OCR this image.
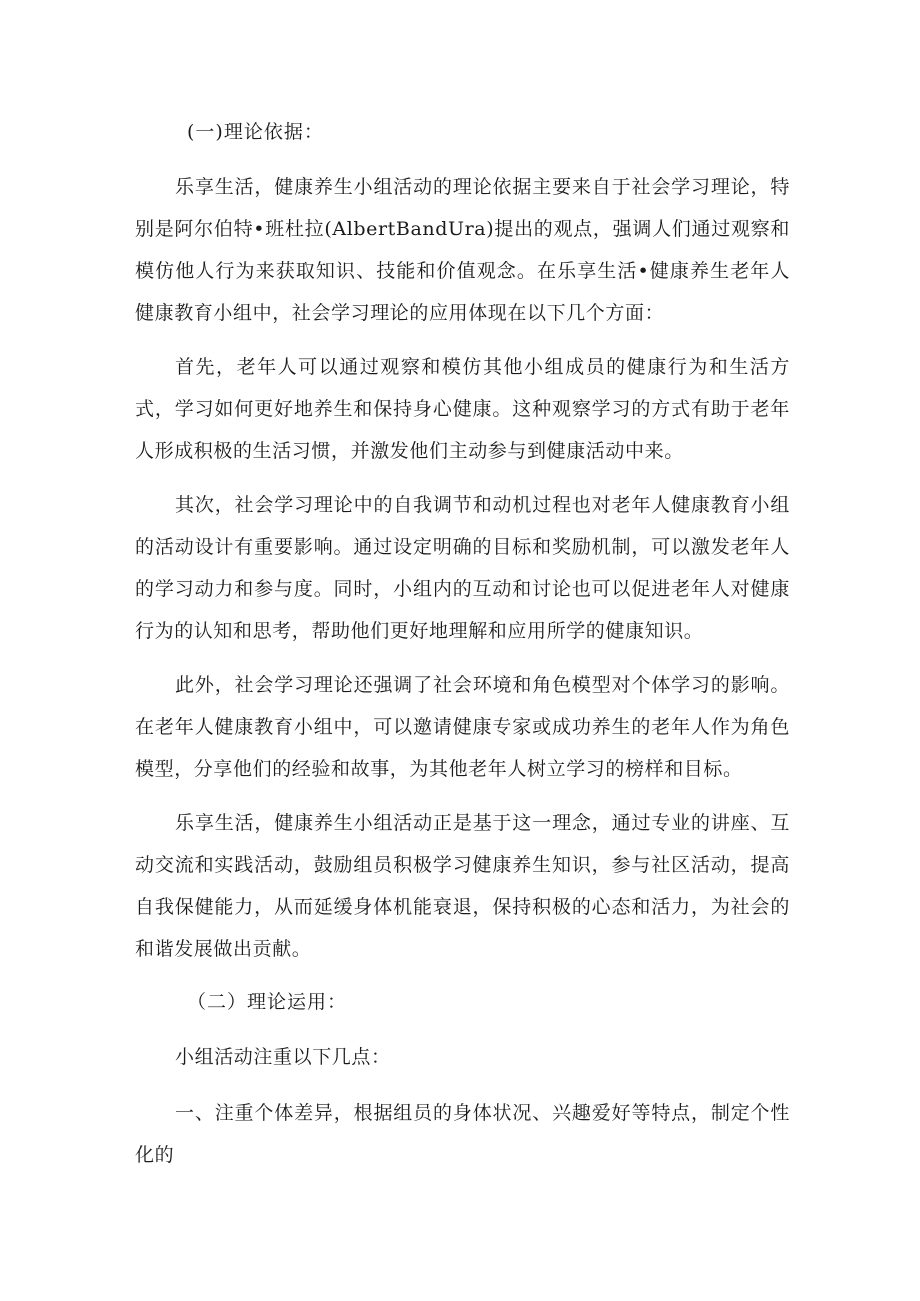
(一)理论依据：

乐享生活，健康养生小组活动的理论依据主要来自于社会学习理论，特别是阿尔伯特•班杜拉(AlbertBandUra)提出的观点，强调人们通过观察和模仿他人行为来获取知识、技能和价值观念。在乐享生活•健康养生老年人健康教育小组中，社会学习理论的应用体现在以下几个方面：

首先，老年人可以通过观察和模仿其他小组成员的健康行为和生活方式，学习如何更好地养生和保持身心健康。这种观察学习的方式有助于老年人形成积极的生活习惯，并激发他们主动参与到健康活动中来。

其次，社会学习理论中的自我调节和动机过程也对老年人健康教育小组的活动设计有重要影响。通过设定明确的目标和奖励机制，可以激发老年人的学习动力和参与度。同时，小组内的互动和讨论也可以促进老年人对健康行为的认知和思考，帮助他们更好地理解和应用所学的健康知识。

此外，社会学习理论还强调了社会环境和角色模型对个体学习的影响。在老年人健康教育小组中，可以邀请健康专家或成功养生的老年人作为角色模型，分享他们的经验和故事，为其他老年人树立学习的榜样和目标。

乐享生活，健康养生小组活动正是基于这一理念，通过专业的讲座、互动交流和实践活动，鼓励组员积极学习健康养生知识，参与社区活动，提高自我保健能力，从而延缓身体机能衰退，保持积极的心态和活力，为社会的和谐发展做出贡献。

（二）理论运用：

小组活动注重以下几点：

一、注重个体差异，根据组员的身体状况、兴趣爱好等特点，制定个性化的
